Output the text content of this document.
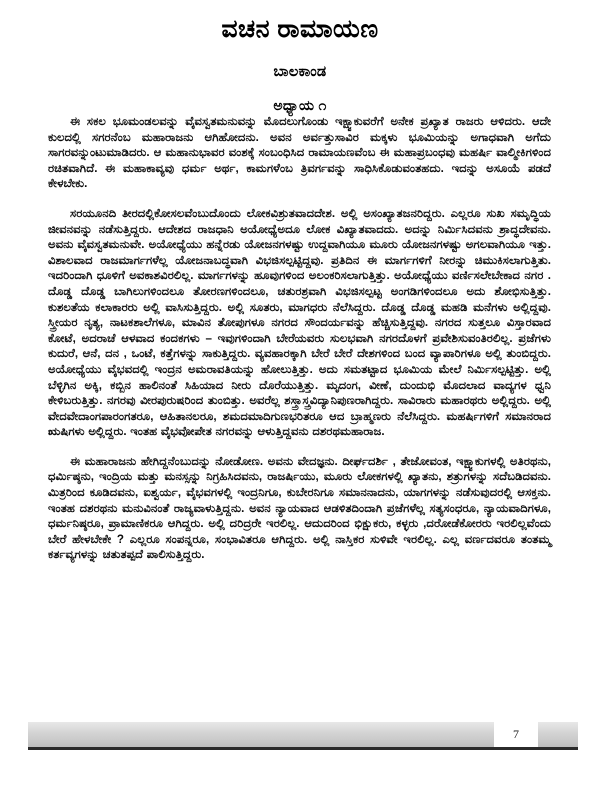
ವಚನ ರಾಮಾಯಣ
ಬಾಲಕಾಂಡ
ಅಧ್ಯಾಯ ೧

ಈ ಸಕಲ ಭೂಮಂಡಲವನ್ನು ವೈವಸ್ವತಮನುವನ್ನು ಮೊದಲುಗೊಂಡು ಇಕ್ಷ್ವಾಕುವರೆಗೆ ಅನೇಕ ಪ್ರಖ್ಯಾತ ರಾಜರು ಆಳಿದರು. ಆದೇ ಕುಲದಲ್ಲಿ ಸಗರನೆಂಬ ಮಹಾರಾಜನು ಆಗಿಹೋದನು. ಅವನ ಅರ್ವತ್ತುಸಾವಿರ ಮಕ್ಕಳು ಭೂಮಿಯನ್ನು ಅಗಾಧವಾಗಿ ಅಗೆದು ಸಾಗರವನ್ನುಂಟುಮಾಡಿದರು. ಆ ಮಹಾನುಭಾವರ ವಂಶಕ್ಕೆ ಸಂಬಂಧಿಸಿದ ರಾಮಾಯಣವೆಂಬ ಈ ಮಹಾಪ್ರಬಂಧವು ಮಹರ್ಷಿ ವಾಲ್ಮೀಕಿಗಳಿಂದ ರಚಿತವಾಗಿದೆ. ಈ ಮಹಾಕಾವ್ಯವು ಧರ್ಮ ಅರ್ಥ, ಕಾಮಗಳೆಂಬ ತ್ರಿವರ್ಗವನ್ನು ಸಾಧಿಸಿಕೊಡುವಂತಹದು. ಇದನ್ನು ಅಸೂಯೆ ಪಡದೆ ಕೇಳಬೇಕು.

ಸರಯೂನದಿ ತೀರದಲ್ಲಿಕೋಸಲವೆಂಬುದೊಂದು ಲೋಕವಿಶ್ರುತವಾದದೇಶ. ಅಲ್ಲಿ ಅಸಂಖ್ಯಾತಜನರಿದ್ದರು. ಎಲ್ಲರೂ ಸುಖ ಸಮೃದ್ಧಿಯ ಜೀವನವನ್ನು ನಡೆಸುತ್ತಿದ್ದರು. ಆದೇಶದ ರಾಜಧಾನಿ ಅಯೋಧ್ಯೆಅದೂ ಲೋಕ ವಿಖ್ಯಾತವಾದದು. ಅದನ್ನು ನಿರ್ಮಿಸಿದವನು ಶ್ರಾದ್ಧದೇವನು. ಅವನು ವೈವಸ್ವತಮನುವೇ. ಅಯೋಧ್ಯೆಯು ಹನ್ನೆರಡು ಯೋಜನಗಳಷ್ಟು ಉದ್ದವಾಗಿಯೂ ಮೂರು ಯೋಜನಗಳಷ್ಟು ಅಗಲವಾಗಿಯೂ ಇತ್ತು. ವಿಶಾಲವಾದ ರಾಜಮಾರ್ಗಗಳೆಲ್ಲ ಯೋಜನಾಬದ್ಧವಾಗಿ ವಿಭಜಿಸಲ್ಪಟ್ಟಿದ್ದವು. ಪ್ರತಿದಿನ ಈ ಮಾರ್ಗಗಳಿಗೆ ನೀರನ್ನು ಚಿಮುಕಿಸಲಾಗುತ್ತಿತು. ಇದರಿಂದಾಗಿ ಧೂಳಿಗೆ ಅವಕಾಶವಿರಲಿಲ್ಲ. ಮಾರ್ಗಗಳನ್ನು ಹೂವುಗಳಿಂದ ಅಲಂಕರಿಸಲಾಗುತ್ತಿತ್ತು. ಅಯೋಧ್ಯೆಯು ವರ್ಣಿಸಲೇಬೇಕಾದ ನಗರ . ದೊಡ್ಡ ದೊಡ್ಡ ಬಾಗಿಲುಗಳಿಂದಲೂ ತೋರಣಗಳಿಂದಲೂ, ಚತುರಶ್ರವಾಗಿ ವಿಭಜಿಸಲ್ಪಟ್ಟ ಅಂಗಡಿಗಳಿಂದಲೂ ಅದು ಶೋಭಿಸುತ್ತಿತ್ತು. ಕುಶಲತೆಯ ಕಲಾಕಾರರು ಅಲ್ಲಿ ವಾಸಿಸುತ್ತಿದ್ದರು. ಅಲ್ಲಿ ಸೂತರು, ಮಾಗಧರು ನೆಲೆಸಿದ್ದರು. ದೊಡ್ಡ ದೊಡ್ಡ ಮಹಡಿ ಮನೆಗಳು ಅಲ್ಲಿದ್ದವು. ಸ್ತ್ರೀಯರ ನೃತ್ಯ, ನಾಟಕಶಾಲೆಗಳೂ, ಮಾವಿನ ತೋಪುಗಳೂ ನಗರದ ಸೌಂದರ್ಯವನ್ನು ಹೆಚ್ಚಿಸುತ್ತಿದ್ದವು. ನಗರದ ಸುತ್ತಲೂ ವಿಸ್ತಾರವಾದ ಕೋಟೆ, ಅದರಾಚೆ ಆಳವಾದ ಕಂದಕಗಳು – ಇವುಗಳಿಂದಾಗಿ ಬೇರೆಯವರು ಸುಲಭವಾಗಿ ನಗರದೊಳಗೆ ಪ್ರವೇಶಿಸುವಂತಿರಲಿಲ್ಲ. ಪ್ರಜೆಗಳು ಕುದುರೆ, ಆನೆ, ದನ , ಒಂಟೆ, ಕತ್ತೆಗಳನ್ನು ಸಾಕುತ್ತಿದ್ದರು. ವ್ಯವಹಾರಕ್ಕಾಗಿ ಬೇರೆ ಬೇರೆ ದೇಶಗಳಿಂದ ಬಂದ ವ್ಯಾಪಾರಿಗಳೂ ಅಲ್ಲಿ ತುಂಬಿದ್ದರು. ಅಯೋಧ್ಯೆಯು ವೈಭವದಲ್ಲಿ ಇಂದ್ರನ ಅಮರಾವತಿಯನ್ನು ಹೋಲುತ್ತಿತ್ತು. ಅದು ಸಮತಟ್ಟಾದ ಭೂಮಿಯ ಮೇಲೆ ನಿರ್ಮಿಸಲ್ಪಟ್ಟಿತ್ತು. ಅಲ್ಲಿ ಬೆಳ್ಳಿಗಿನ ಅಕ್ಕಿ, ಕಬ್ಬಿನ ಹಾಲಿನಂತೆ ಸಿಹಿಯಾದ ನೀರು ದೊರೆಯುತ್ತಿತ್ತು. ಮೃದಂಗ, ವೀಣೆ, ದುಂದುಭಿ ಮೊದಲಾದ ವಾದ್ಯಗಳ ಧ್ವನಿ ಕೇಳಿಬರುತ್ತಿತ್ತು. ನಗರವು ವೀರಪುರುಷರಿಂದ ತುಂಬಿತ್ತು. ಅವರೆಲ್ಲ ಶಸ್ತ್ರಾಸ್ತ್ರವಿದ್ಯಾನಿಪುಣರಾಗಿದ್ದರು. ಸಾವಿರಾರು ಮಹಾರಥರು ಅಲ್ಲಿದ್ದರು. ಅಲ್ಲಿ ವೇದವೇದಾಂಗಪಾರಂಗತರೂ, ಆಹಿತಾನಲರೂ, ಶಮದಮಾದಿಗುಣಭರಿತರೂ ಆದ ಬ್ರಾಹ್ಮಣರು ನೆಲೆಸಿದ್ದರು. ಮಹರ್ಷಿಗಳಿಗೆ ಸಮಾನರಾದ ಋಷಿಗಳು ಅಲ್ಲಿದ್ದರು. ಇಂತಹ ವೈಭವೋಪೇತ ನಗರವನ್ನು ಆಳುತ್ತಿದ್ದವನು ದಶರಥಮಹಾರಾಜ.

ಈ ಮಹಾರಾಜನು ಹೇಗಿದ್ದನೆಂಬುದನ್ನು ನೋಡೋಣ. ಅವನು ವೇದಜ್ಞನು. ದೀರ್ಘದರ್ಶಿ , ತೇಜೋವಂತ, ಇಕ್ಷ್ವಾಕುಗಳಲ್ಲಿ ಅತಿರಥನು, ಧರ್ಮಿಷ್ಠನು, ಇಂದ್ರಿಯ ಮತ್ತು ಮನಸ್ಸನ್ನು ನಿಗ್ರಹಿಸಿದವನು, ರಾಜರ್ಷಿಯು, ಮೂರು ಲೋಕಗಳಲ್ಲಿ ಖ್ಯಾತನು, ಶತ್ರುಗಳನ್ನು ಸದೆಬಡಿದವನು. ಮಿತ್ರರಿಂದ ಕೂಡಿದವನು, ಐಶ್ವರ್ಯ, ವೈಭವಗಳಲ್ಲಿ ಇಂದ್ರನಿಗೂ, ಕುಬೇರನಿಗೂ ಸಮಾನನಾದನು, ಯಾಗಗಳನ್ನು ನಡೆಸುವುದರಲ್ಲಿ ಆಸಕ್ತನು. ಇಂತಹ ದಶರಥನು ಮನುವಿನಂತೆ ರಾಜ್ಯವಾಳುತ್ತಿದ್ದನು. ಅವನ ನ್ಯಾಯವಾದ ಆಡಳಿತದಿಂದಾಗಿ ಪ್ರಜೆಗಳೆಲ್ಲ ಸತ್ಯಸಂಧರೂ, ನ್ಯಾಯವಾದಿಗಳೂ, ಧರ್ಮನಿಷ್ಠರೂ, ಪ್ರಾಮಾಣಿಕರೂ ಆಗಿದ್ದರು. ಅಲ್ಲಿ ದರಿದ್ರರೇ ಇರಲಿಲ್ಲ. ಆದುದರಿಂದ ಭಿಕ್ಷುಕರು, ಕಳ್ಳರು ,ದರೋಡೆಕೋರರು ಇರಲಿಲ್ಲವೆಂದು ಬೇರೆ ಹೇಳಬೇಕೇ ? ಎಲ್ಲರೂ ಸಂಪನ್ನರೂ, ಸಂಭಾವಿತರೂ ಆಗಿದ್ದರು. ಅಲ್ಲಿ ನಾಸ್ತಿಕರ ಸುಳಿವೇ ಇರಲಿಲ್ಲ. ಎಲ್ಲ ವರ್ಣದವರೂ ತಂತಮ್ಮ ಕರ್ತವ್ಯಗಳನ್ನು ಚತುತಪ್ಪದೆ ಪಾಲಿಸುತ್ತಿದ್ದರು.

7
